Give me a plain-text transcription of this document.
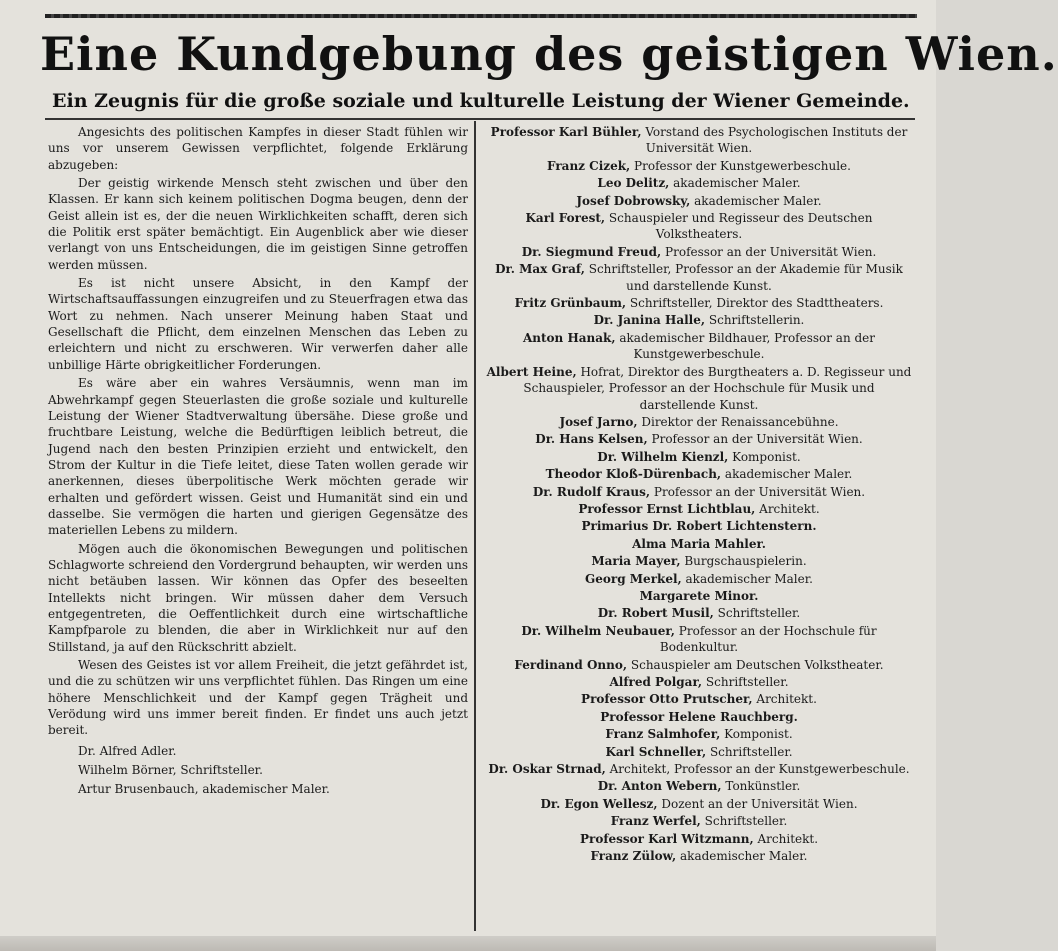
Eine Kundgebung des geistigen Wien.
Ein Zeugnis für die große soziale und kulturelle Leistung der Wiener Gemeinde.

Angesichts des politischen Kampfes in dieser Stadt fühlen wir uns vor unserem Gewissen verpflichtet, folgende Erklärung abzugeben:

Der geistig wirkende Mensch steht zwischen und über den Klassen. Er kann sich keinem politischen Dogma beugen, denn der Geist allein ist es, der die neuen Wirklichkeiten schafft, deren sich die Politik erst später bemächtigt. Ein Augenblick aber wie dieser verlangt von uns Entscheidungen, die im geistigen Sinne getroffen werden müssen.

Es ist nicht unsere Absicht, in den Kampf der Wirtschaftsauffassungen einzugreifen und zu Steuerfragen etwa das Wort zu nehmen. Nach unserer Meinung haben Staat und Gesellschaft die Pflicht, dem einzelnen Menschen das Leben zu erleichtern und nicht zu erschweren. Wir verwerfen daher alle unbillige Härte obrigkeitlicher Forderungen.

Es wäre aber ein wahres Versäumnis, wenn man im Abwehrkampf gegen Steuerlasten die große soziale und kulturelle Leistung der Wiener Stadtverwaltung übersähe. Diese große und fruchtbare Leistung, welche die Bedürftigen leiblich betreut, die Jugend nach den besten Prinzipien erzieht und entwickelt, den Strom der Kultur in die Tiefe leitet, diese Taten wollen gerade wir anerkennen, dieses überpolitische Werk möchten gerade wir erhalten und gefördert wissen. Geist und Humanität sind ein und dasselbe. Sie vermögen die harten und gierigen Gegensätze des materiellen Lebens zu mildern.

Mögen auch die ökonomischen Bewegungen und politischen Schlagworte schreiend den Vordergrund behaupten, wir werden uns nicht betäuben lassen. Wir können das Opfer des beseelten Intellekts nicht bringen. Wir müssen daher dem Versuch entgegentreten, die Oeffentlichkeit durch eine wirtschaftliche Kampfparole zu blenden, die aber in Wirklichkeit nur auf den Stillstand, ja auf den Rückschritt abzielt.

Wesen des Geistes ist vor allem Freiheit, die jetzt gefährdet ist, und die zu schützen wir uns verpflichtet fühlen. Das Ringen um eine höhere Menschlichkeit und der Kampf gegen Trägheit und Verödung wird uns immer bereit finden. Er findet uns auch jetzt bereit.

Dr. Alfred Adler.

Wilhelm Börner, Schriftsteller.

Artur Brusenbauch, akademischer Maler.

Professor Karl Bühler, Vorstand des Psychologischen Instituts der Universität Wien.

Franz Cizek, Professor der Kunstgewerbeschule.

Leo Delitz, akademischer Maler.

Josef Dobrowsky, akademischer Maler.

Karl Forest, Schauspieler und Regisseur des Deutschen Volkstheaters.

Dr. Siegmund Freud, Professor an der Universität Wien.

Dr. Max Graf, Schriftsteller, Professor an der Akademie für Musik und darstellende Kunst.

Fritz Grünbaum, Schriftsteller, Direktor des Stadttheaters.

Dr. Janina Halle, Schriftstellerin.

Anton Hanak, akademischer Bildhauer, Professor an der Kunstgewerbeschule.

Albert Heine, Hofrat, Direktor des Burgtheaters a. D. Regisseur und Schauspieler, Professor an der Hochschule für Musik und darstellende Kunst.

Josef Jarno, Direktor der Renaissancebühne.

Dr. Hans Kelsen, Professor an der Universität Wien.

Dr. Wilhelm Kienzl, Komponist.

Theodor Kloß-Dürenbach, akademischer Maler.

Dr. Rudolf Kraus, Professor an der Universität Wien.

Professor Ernst Lichtblau, Architekt.

Primarius Dr. Robert Lichtenstern.

Alma Maria Mahler.

Maria Mayer, Burgschauspielerin.

Georg Merkel, akademischer Maler.

Margarete Minor.

Dr. Robert Musil, Schriftsteller.

Dr. Wilhelm Neubauer, Professor an der Hochschule für Bodenkultur.

Ferdinand Onno, Schauspieler am Deutschen Volkstheater.

Alfred Polgar, Schriftsteller.

Professor Otto Prutscher, Architekt.

Professor Helene Rauchberg.

Franz Salmhofer, Komponist.

Karl Schneller, Schriftsteller.

Dr. Oskar Strnad, Architekt, Professor an der Kunstgewerbeschule.

Dr. Anton Webern, Tonkünstler.

Dr. Egon Wellesz, Dozent an der Universität Wien.

Franz Werfel, Schriftsteller.

Professor Karl Witzmann, Architekt.

Franz Zülow, akademischer Maler.
